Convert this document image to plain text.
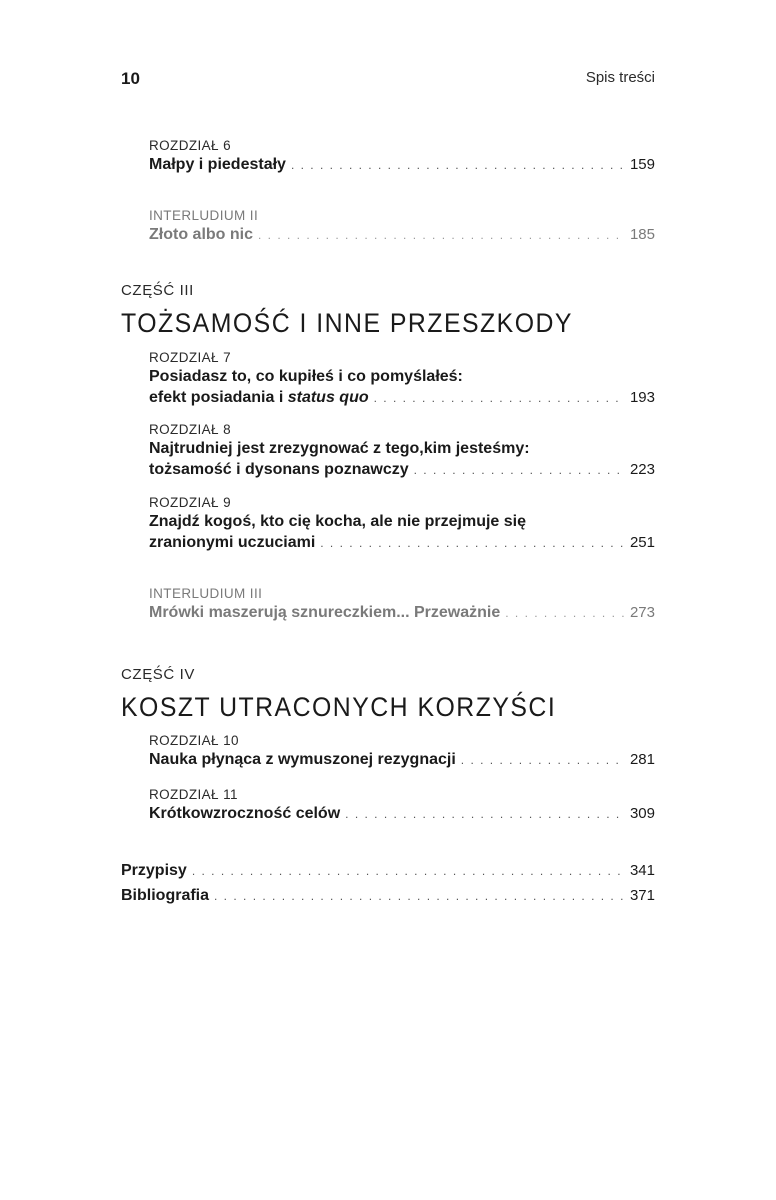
10	Spis treści
ROZDZIAŁ 6
Małpy i piedestały . . .	159
INTERLUDIUM II
Złoto albo nic . . .	185
CZĘŚĆ III
TOŻSAMOŚĆ I INNE PRZESZKODY
ROZDZIAŁ 7
Posiadasz to, co kupiłeś i co pomyślałeś:
efekt posiadania i status quo . . .	193
ROZDZIAŁ 8
Najtrudniej jest zrezygnować z tego,kim jesteśmy:
tożsamość i dysonans poznawczy . . .	223
ROZDZIAŁ 9
Znajdź kogoś, kto cię kocha, ale nie przejmuje się
zranionymi uczuciami . . .	251
INTERLUDIUM III
Mrówki maszerują sznureczkiem... Przeważnie . . .	273
CZĘŚĆ IV
KOSZT UTRACONYCH KORZYŚCI
ROZDZIAŁ 10
Nauka płynąca z wymuszonej rezygnacji . . .	281
ROZDZIAŁ 11
Krótkowzroczność celów . . .	309
Przypisy . . .	341
Bibliografia . . .	371
